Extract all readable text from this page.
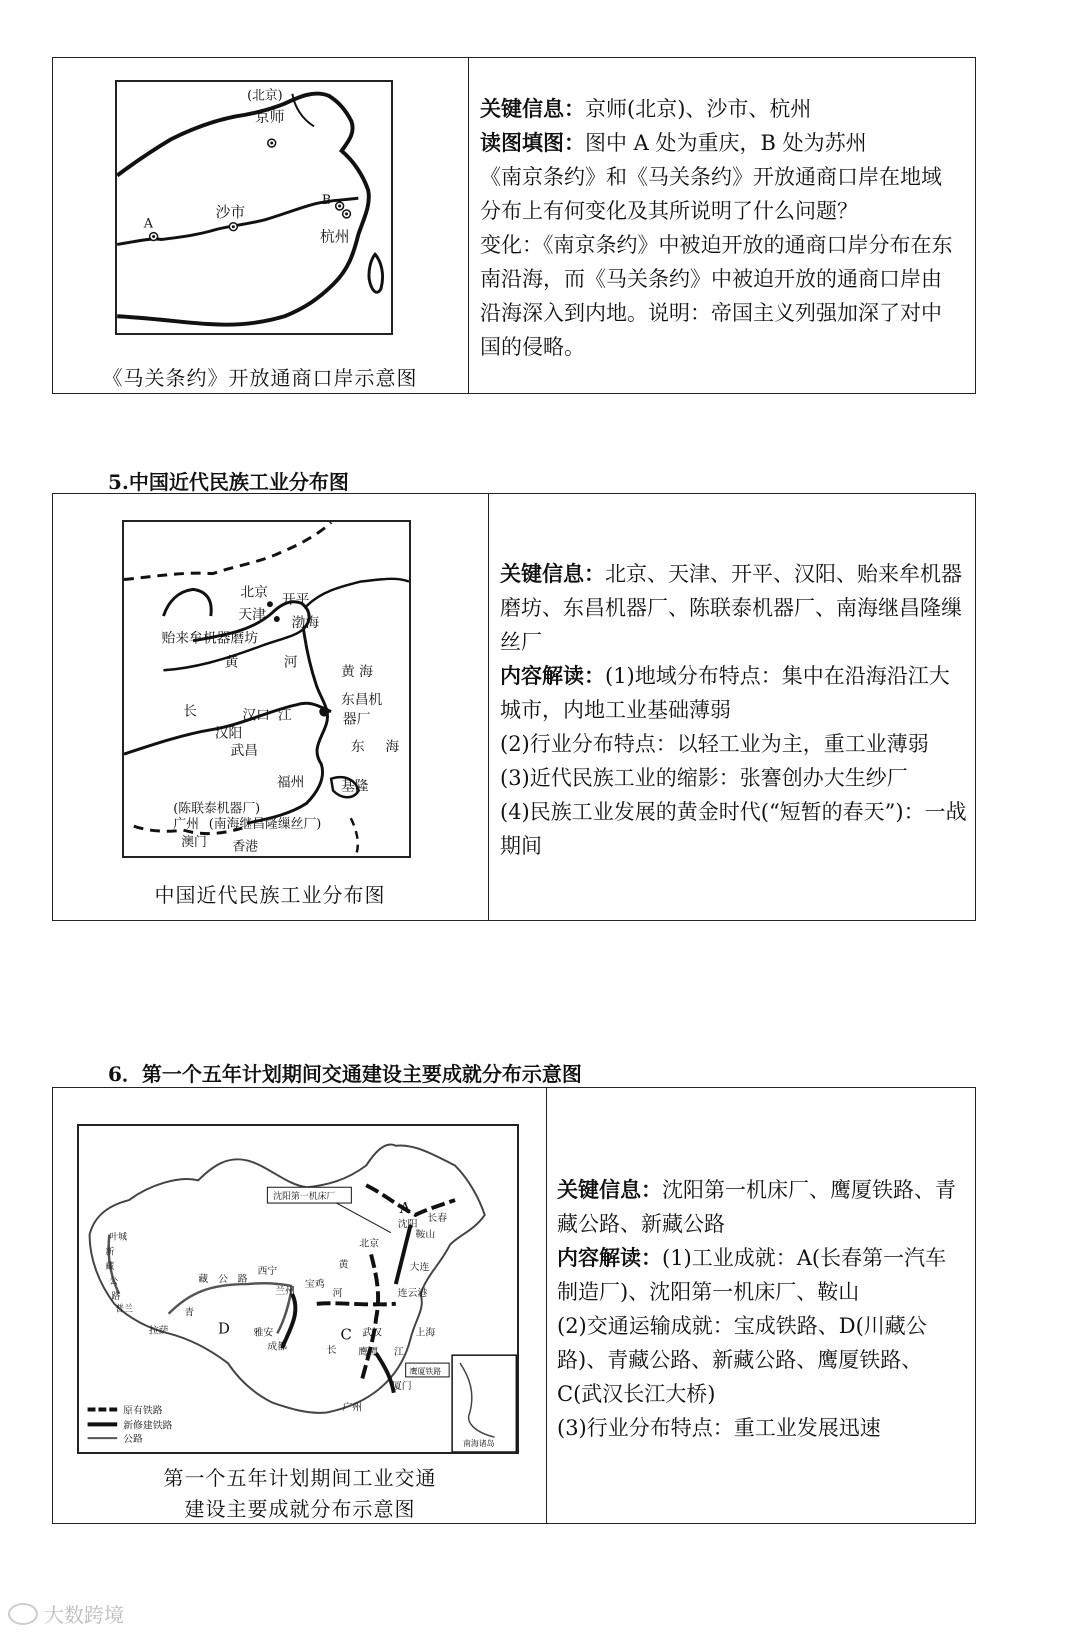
(北京)
京师
沙市
杭州
A
B
《马关条约》开放通商口岸示意图

关键信息：京师(北京)、沙市、杭州

读图填图：图中 A 处为重庆，B 处为苏州

《南京条约》和《马关条约》开放通商口岸在地域分布上有何变化及其所说明了什么问题？

变化：《南京条约》中被迫开放的通商口岸分布在东南沿海，而《马关条约》中被迫开放的通商口岸由沿海深入到内地。说明：帝国主义列强加深了对中国的侵略。

5.中国近代民族工业分布图
北京 开平
天津 渤海
贻来牟机器磨坊
黄	河
黄 海
长	汉口 江
东昌机
器厂
汉阳
武昌	东 海
福州	基隆
(陈联泰机器厂)
广州 (南海继昌隆缫丝厂)
澳门 香港
中国近代民族工业分布图

关键信息：北京、天津、开平、汉阳、贻来牟机器磨坊、东昌机器厂、陈联泰机器厂、南海继昌隆缫丝厂

内容解读：(1)地域分布特点：集中在沿海沿江大城市，内地工业基础薄弱

(2)行业分布特点：以轻工业为主，重工业薄弱

(3)近代民族工业的缩影：张謇创办大生纱厂

(4)民族工业发展的黄金时代(“短暂的春天”)：一战期间

6．第一个五年计划期间交通建设主要成就分布示意图
沈阳第一机床厂
A
沈阳
长春
北京
鞍山
大连
叶城
新
藏
公
路
普兰
藏 公 路
西宁
黄
兰州
宝鸡
河	连云港
青
D 雅安
成都
C 武汉	上海
拉萨
长 鹰潭 江
鹰厦铁路
厦门
广州
南海诸岛
原有铁路
新修建铁路
公路
第一个五年计划期间工业交通
建设主要成就分布示意图

关键信息：沈阳第一机床厂、鹰厦铁路、青藏公路、新藏公路

内容解读：(1)工业成就：A(长春第一汽车制造厂)、沈阳第一机床厂、鞍山

(2)交通运输成就：宝成铁路、D(川藏公路)、青藏公路、新藏公路、鹰厦铁路、C(武汉长江大桥)

(3)行业分布特点：重工业发展迅速

大数跨境
